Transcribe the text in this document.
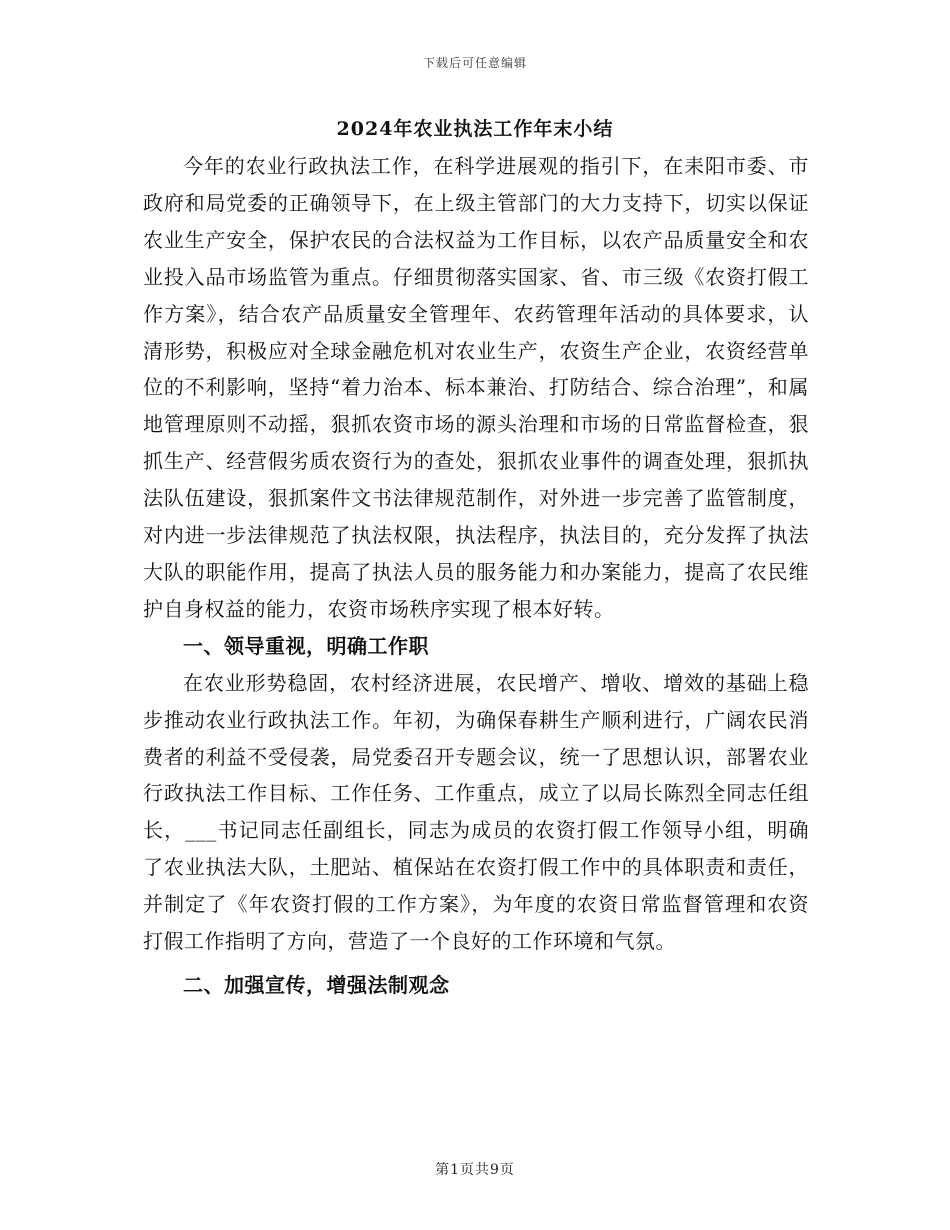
下载后可任意编辑
2024年农业执法工作年末小结

今年的农业行政执法工作，在科学进展观的指引下，在耒阳市委、市政府和局党委的正确领导下，在上级主管部门的大力支持下，切实以保证农业生产安全，保护农民的合法权益为工作目标，以农产品质量安全和农业投入品市场监管为重点。仔细贯彻落实国家、省、市三级《农资打假工作方案》，结合农产品质量安全管理年、农药管理年活动的具体要求，认清形势，积极应对全球金融危机对农业生产，农资生产企业，农资经营单位的不利影响，坚持“着力治本、标本兼治、打防结合、综合治理”，和属地管理原则不动摇，狠抓农资市场的源头治理和市场的日常监督检查，狠抓生产、经营假劣质农资行为的查处，狠抓农业事件的调查处理，狠抓执法队伍建设，狠抓案件文书法律规范制作，对外进一步完善了监管制度，对内进一步法律规范了执法权限，执法程序，执法目的，充分发挥了执法大队的职能作用，提高了执法人员的服务能力和办案能力，提高了农民维护自身权益的能力，农资市场秩序实现了根本好转。

一、领导重视，明确工作职

在农业形势稳固，农村经济进展，农民增产、增收、增效的基础上稳步推动农业行政执法工作。年初，为确保春耕生产顺利进行，广阔农民消费者的利益不受侵袭，局党委召开专题会议，统一了思想认识，部署农业行政执法工作目标、工作任务、工作重点，成立了以局长陈烈全同志任组长，___书记同志任副组长，同志为成员的农资打假工作领导小组，明确了农业执法大队，土肥站、植保站在农资打假工作中的具体职责和责任，并制定了《年农资打假的工作方案》，为年度的农资日常监督管理和农资打假工作指明了方向，营造了一个良好的工作环境和气氛。

二、加强宣传，增强法制观念
第1页共9页
